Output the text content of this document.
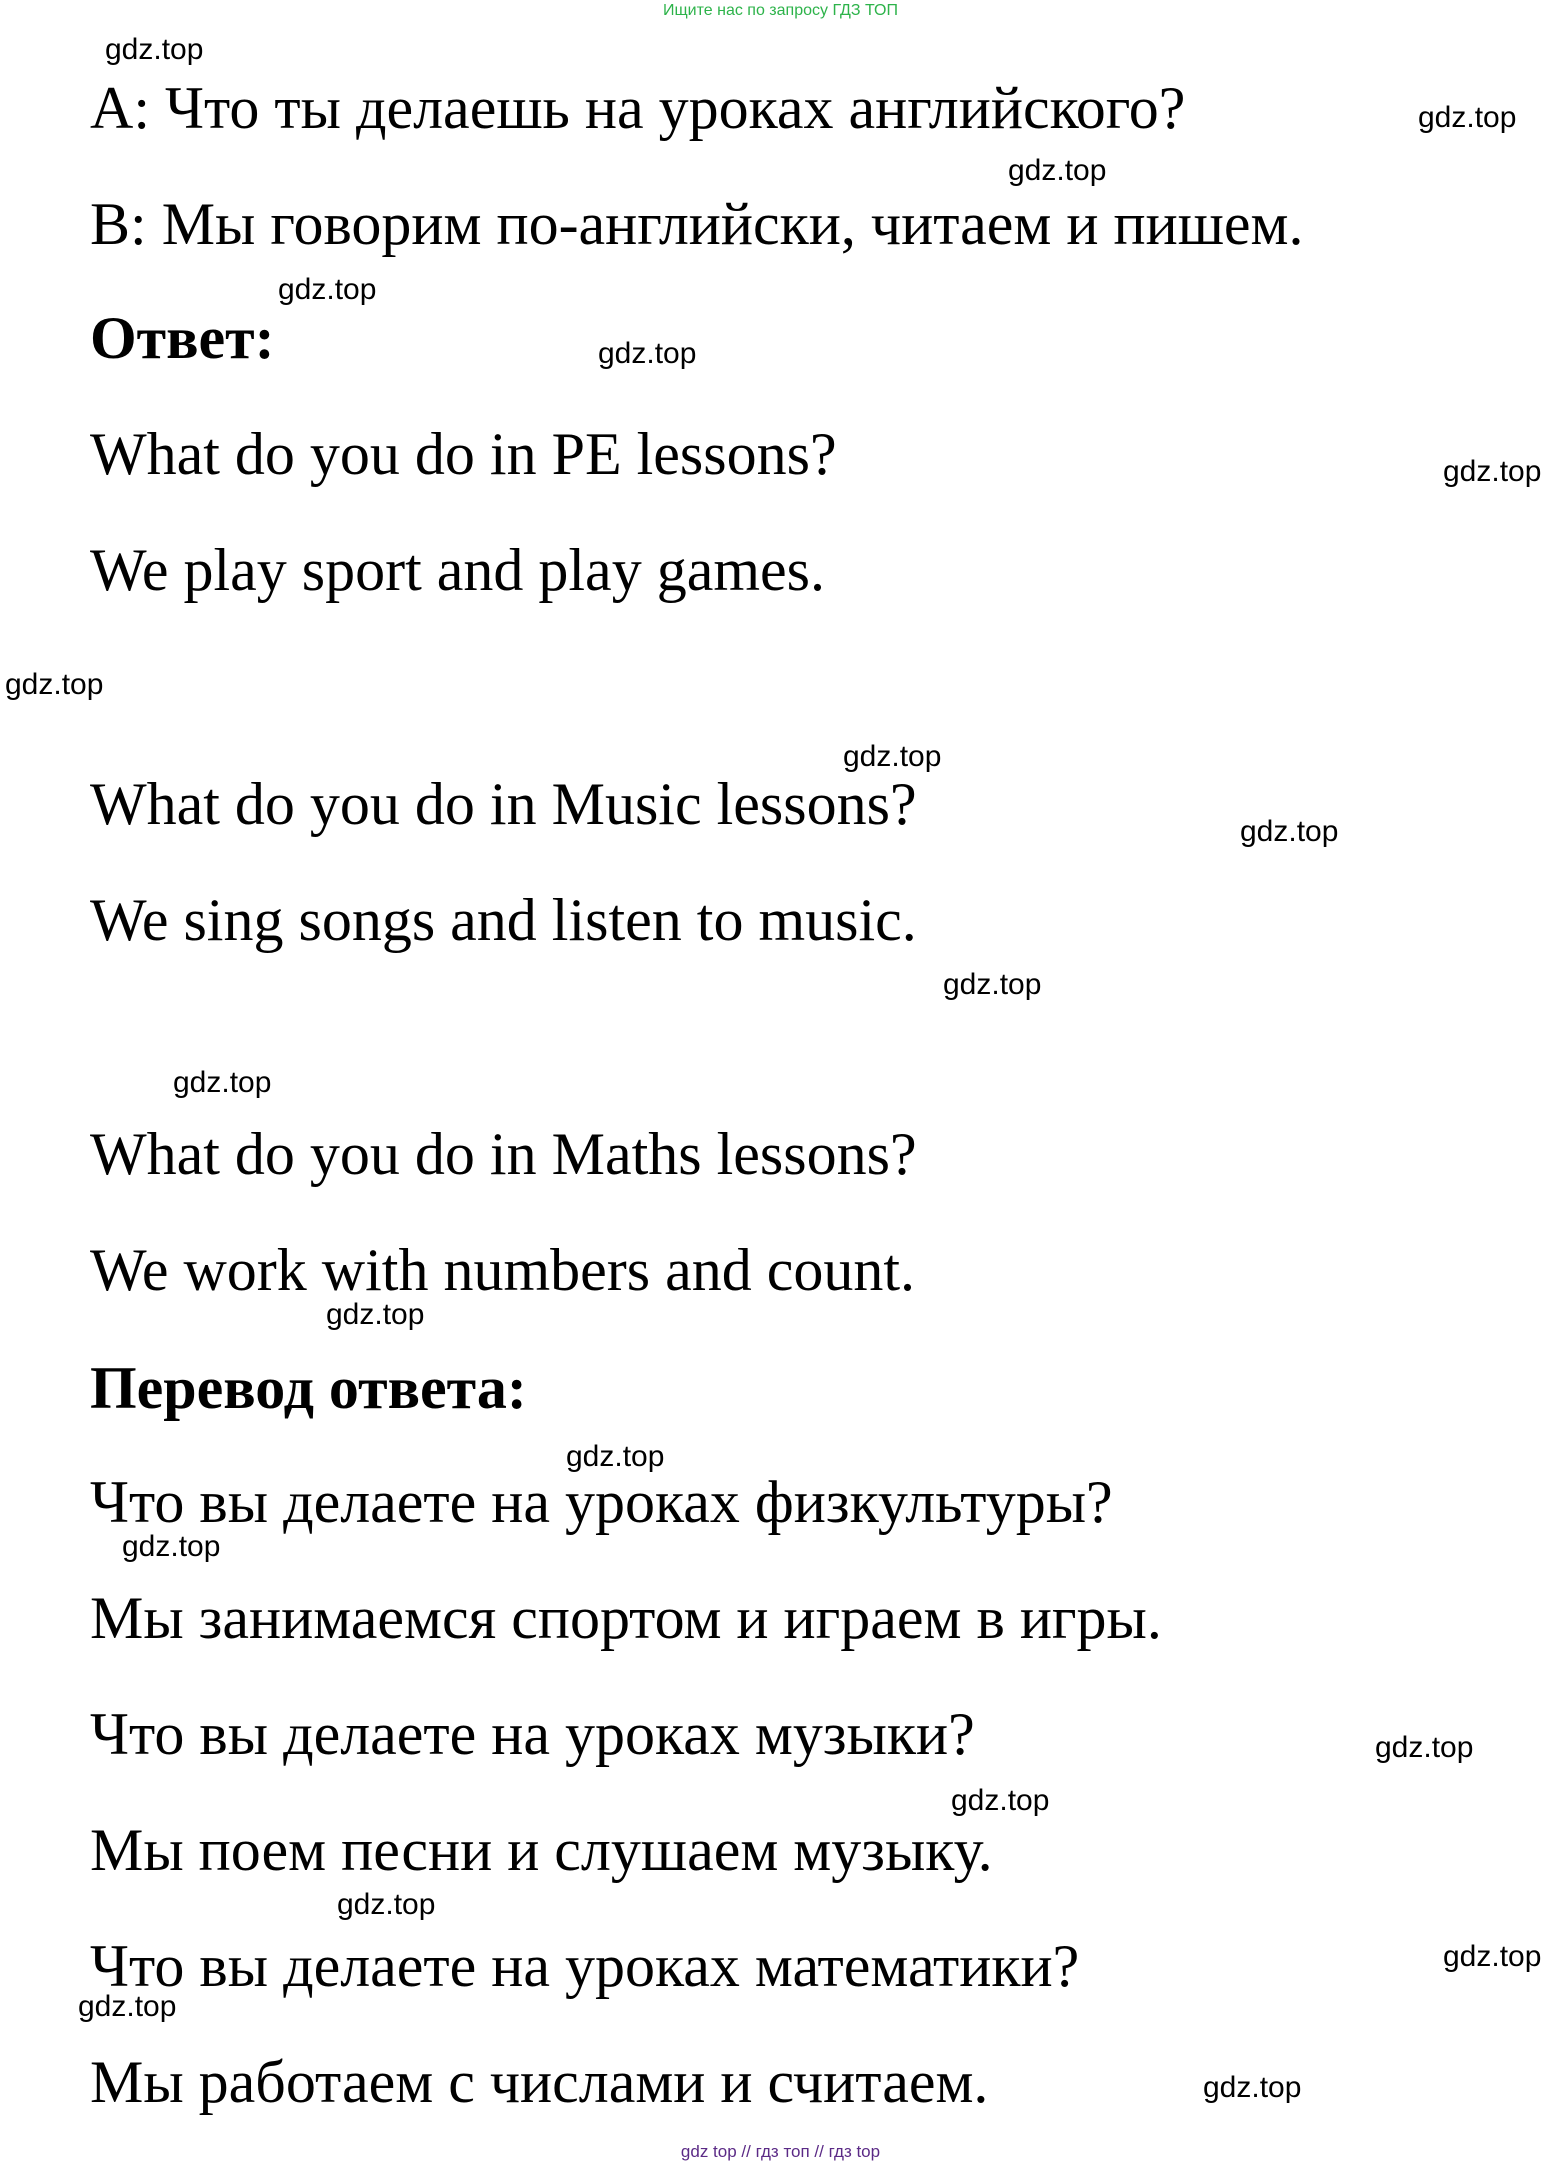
Ищите нас по запросу ГДЗ ТОП
А: Что ты делаешь на уроках английского?
B: Мы говорим по-английски, читаем и пишем.
Ответ:
What do you do in PE lessons?
We play sport and play games.
What do you do in Music lessons?
We sing songs and listen to music.
What do you do in Maths lessons?
We work with numbers and count.
Перевод ответа:
Что вы делаете на уроках физкультуры?
Мы занимаемся спортом и играем в игры.
Что вы делаете на уроках музыки?
Мы поем песни и слушаем музыку.
Что вы делаете на уроках математики?
Мы работаем с числами и считаем.
gdz.top
gdz.top
gdz.top
gdz.top
gdz.top
gdz.top
gdz.top
gdz.top
gdz.top
gdz.top
gdz.top
gdz.top
gdz.top
gdz.top
gdz.top
gdz.top
gdz.top
gdz.top
gdz.top
gdz.top
gdz top // гдз топ // гдз top
